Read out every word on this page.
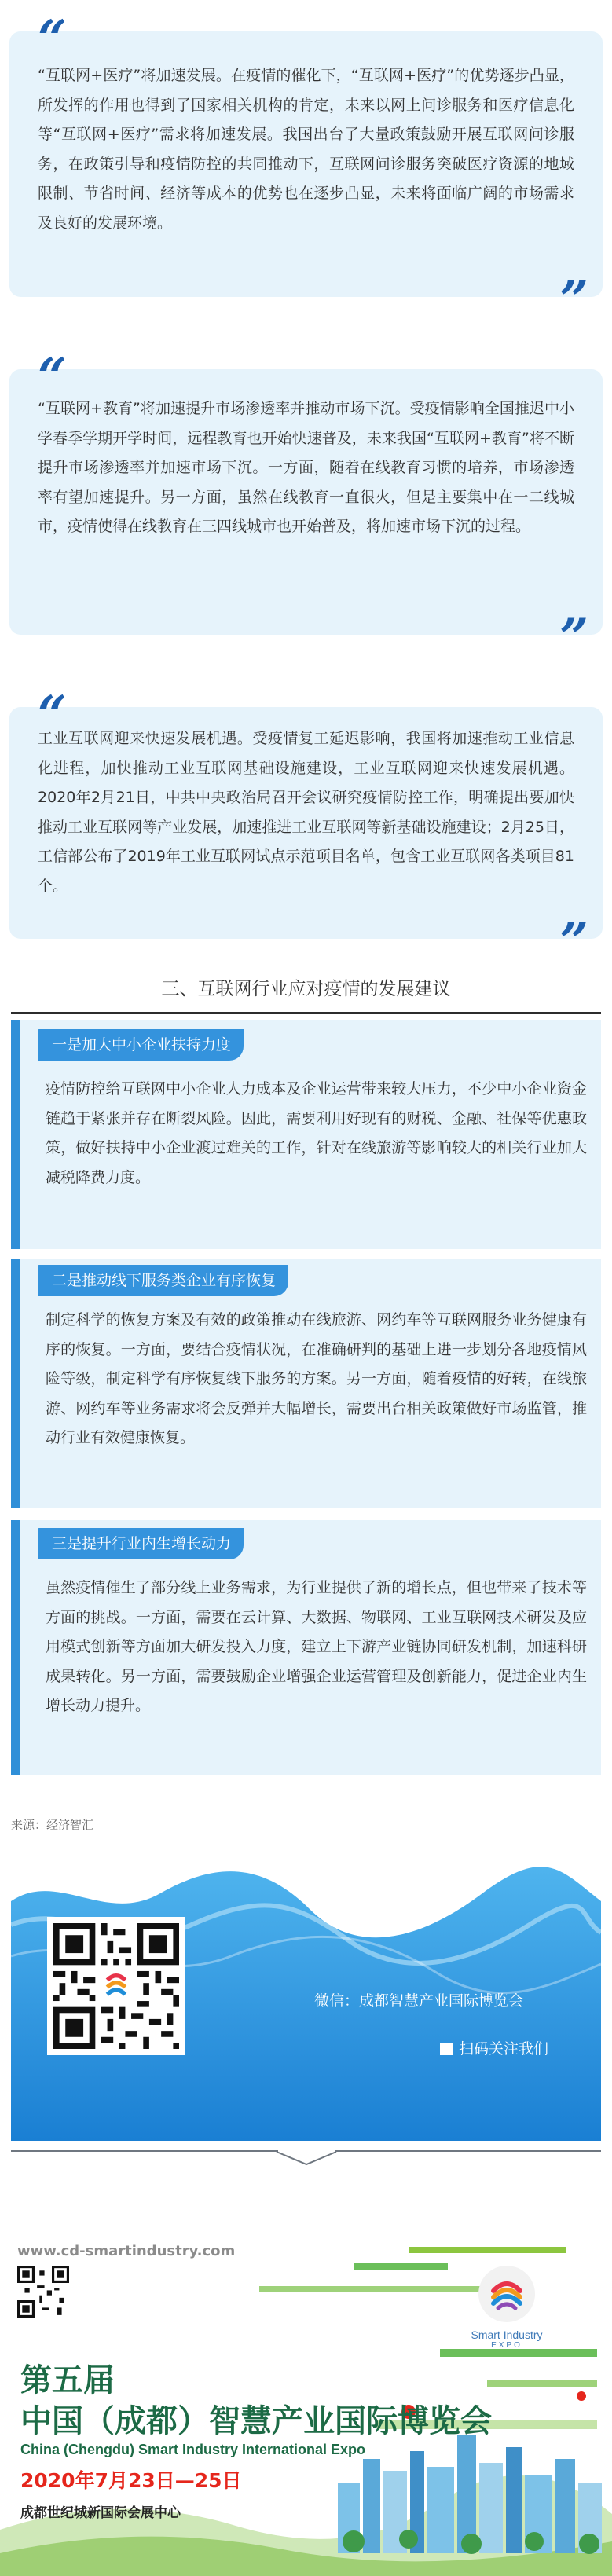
“
“互联网+医疗”将加速发展。在疫情的催化下，“互联网+医疗”的优势逐步凸显，所发挥的作用也得到了国家相关机构的肯定，未来以网上问诊服务和医疗信息化等“互联网+医疗”需求将加速发展。我国出台了大量政策鼓励开展互联网问诊服务，在政策引导和疫情防控的共同推动下，互联网问诊服务突破医疗资源的地域限制、节省时间、经济等成本的优势也在逐步凸显，未来将面临广阔的市场需求及良好的发展环境。
”
“
“互联网+教育”将加速提升市场渗透率并推动市场下沉。受疫情影响全国推迟中小学春季学期开学时间，远程教育也开始快速普及，未来我国“互联网+教育”将不断提升市场渗透率并加速市场下沉。一方面，随着在线教育习惯的培养，市场渗透率有望加速提升。另一方面，虽然在线教育一直很火，但是主要集中在一二线城市，疫情使得在线教育在三四线城市也开始普及，将加速市场下沉的过程。
”
“
工业互联网迎来快速发展机遇。受疫情复工延迟影响，我国将加速推动工业信息化进程，加快推动工业互联网基础设施建设，工业互联网迎来快速发展机遇。2020年2月21日，中共中央政治局召开会议研究疫情防控工作，明确提出要加快推动工业互联网等产业发展，加速推进工业互联网等新基础设施建设；2月25日，工信部公布了2019年工业互联网试点示范项目名单，包含工业互联网各类项目81个。
”
三、互联网行业应对疫情的发展建议
一是加大中小企业扶持力度
疫情防控给互联网中小企业人力成本及企业运营带来较大压力，不少中小企业资金链趋于紧张并存在断裂风险。因此，需要利用好现有的财税、金融、社保等优惠政策，做好扶持中小企业渡过难关的工作，针对在线旅游等影响较大的相关行业加大减税降费力度。
二是推动线下服务类企业有序恢复
制定科学的恢复方案及有效的政策推动在线旅游、网约车等互联网服务业务健康有序的恢复。一方面，要结合疫情状况，在准确研判的基础上进一步划分各地疫情风险等级，制定科学有序恢复线下服务的方案。另一方面，随着疫情的好转，在线旅游、网约车等业务需求将会反弹并大幅增长，需要出台相关政策做好市场监管，推动行业有效健康恢复。
三是提升行业内生增长动力
虽然疫情催生了部分线上业务需求，为行业提供了新的增长点，但也带来了技术等方面的挑战。一方面，需要在云计算、大数据、物联网、工业互联网技术研发及应用模式创新等方面加大研发投入力度，建立上下游产业链协同研发机制，加速科研成果转化。另一方面，需要鼓励企业增强企业运营管理及创新能力，促进企业内生增长动力提升。
来源：经济智汇
微信：成都智慧产业国际博览会
扫码关注我们
www.cd-smartindustry.com
Smart Industry
EXPO
第五届
中国（成都）智慧产业国际博览会
China (Chengdu) Smart Industry International Expo
2020年7月23日—25日
成都世纪城新国际会展中心
